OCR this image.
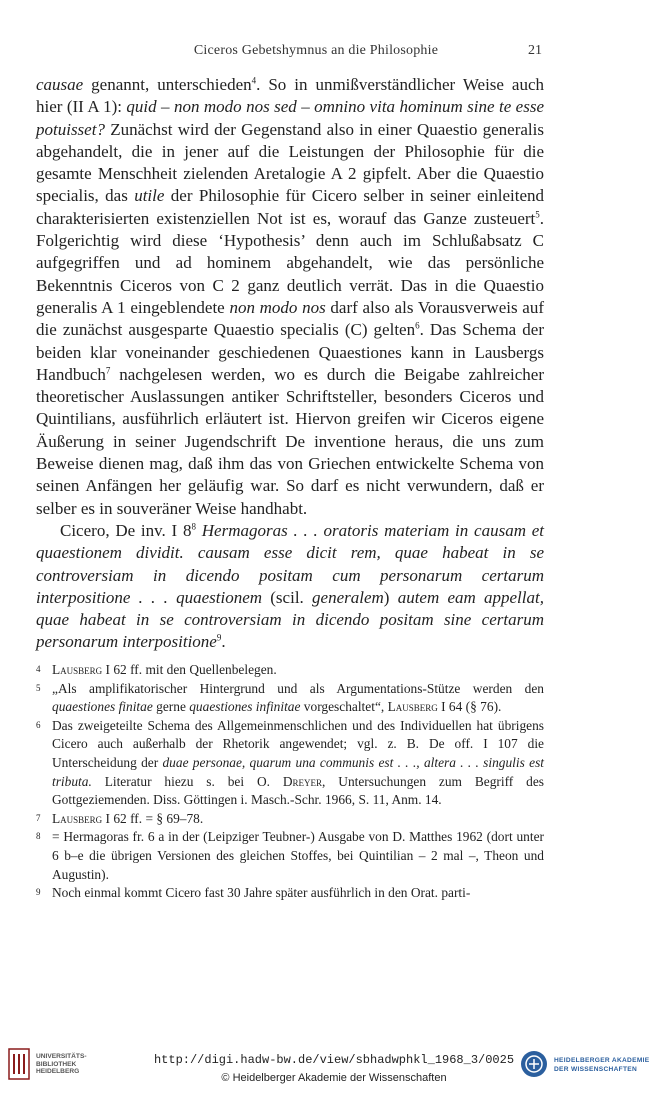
Ciceros Gebetshymnus an die Philosophie	21

causae genannt, unterschieden$^4$. So in unmißverständlicher Weise auch hier (II A 1): quid – non modo nos sed – omnino vita hominum sine te esse potuisset? Zunächst wird der Gegenstand also in einer Quaestio generalis abgehandelt, die in jener auf die Leistungen der Philosophie für die gesamte Menschheit zielenden Aretalogie A 2 gipfelt. Aber die Quaestio specialis, das utile der Philosophie für Cicero selber in seiner einleitend charakterisierten existenziellen Not ist es, worauf das Ganze zusteuert$^5$. Folgerichtig wird diese ‘Hypothesis’ denn auch im Schlußabsatz C aufgegriffen und ad hominem abgehandelt, wie das persönliche Bekenntnis Ciceros von C 2 ganz deutlich verrät. Das in die Quaestio generalis A 1 eingeblendete non modo nos darf also als Vorausverweis auf die zunächst ausgesparte Quaestio specialis (C) gelten$^6$. Das Schema der beiden klar voneinander geschiedenen Quaestiones kann in Lausbergs Handbuch$^7$ nachgelesen werden, wo es durch die Beigabe zahlreicher theoretischer Auslassungen antiker Schriftsteller, besonders Ciceros und Quintilians, ausführlich erläutert ist. Hiervon greifen wir Ciceros eigene Äußerung in seiner Jugendschrift De inventione heraus, die uns zum Beweise dienen mag, daß ihm das von Griechen entwickelte Schema von seinen Anfängen her geläufig war. So darf es nicht verwundern, daß er selber es in souveräner Weise handhabt.

Cicero, De inv. I $8^8$ Hermagoras . . . oratoris materiam in causam et quaestionem dividit. causam esse dicit rem, quae habeat in se controversiam in dicendo positam cum personarum certarum interpositione . . . quaestionem (scil. generalem) autem eam appellat, quae habeat in se controversiam in dicendo positam sine certarum personarum interpositione$^9$.

4 Lausberg I 62 ff. mit den Quellenbelegen.

5 „Als amplifikatorischer Hintergrund und als Argumentations-Stütze werden den quaestiones finitae gerne quaestiones infinitae vorgeschaltet“, Lausberg I 64 (§ 76).

6 Das zweigeteilte Schema des Allgemeinmenschlichen und des Individuellen hat übrigens Cicero auch außerhalb der Rhetorik angewendet; vgl. z. B. De off. I 107 die Unterscheidung der duae personae, quarum una communis est . . ., altera . . . singulis est tributa. Literatur hiezu s. bei O. Dreyer, Untersuchungen zum Begriff des Gottgeziemenden. Diss. Göttingen i. Masch.-Schr. 1966, S. 11, Anm. 14.

7 Lausberg I 62 ff. = § 69–78.

8 = Hermagoras fr. 6 a in der (Leipziger Teubner-) Ausgabe von D. Matthes 1962 (dort unter 6 b–e die übrigen Versionen des gleichen Stoffes, bei Quintilian – 2 mal –, Theon und Augustin).

9 Noch einmal kommt Cicero fast 30 Jahre später ausführlich in den Orat. parti-

UNIVERSITÄTS-
BIBLIOTHEK
HEIDELBERG
http://digi.hadw-bw.de/view/sbhadwphkl_1968_3/0025
© Heidelberger Akademie der Wissenschaften
HEIDELBERGER AKADEMIE
DER WISSENSCHAFTEN
